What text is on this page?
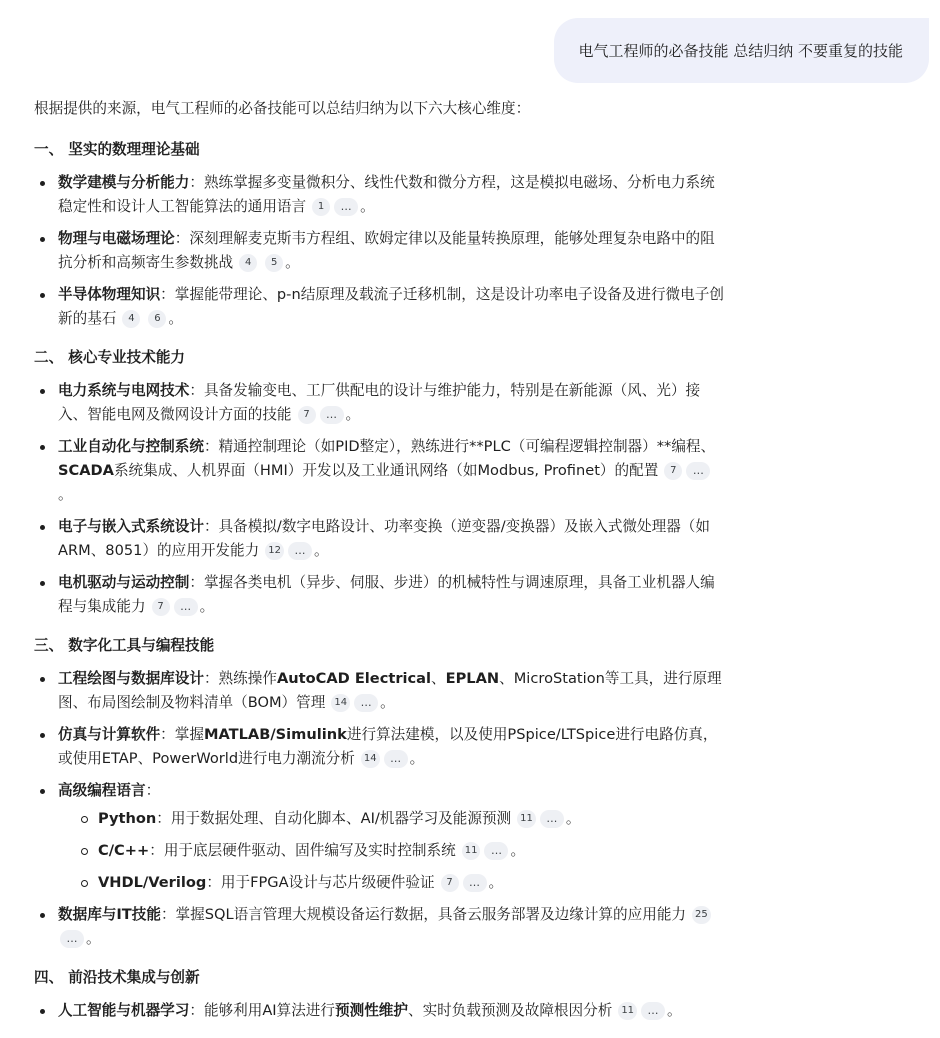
电气工程师的必备技能 总结归纳 不要重复的技能

根据提供的来源，电气工程师的必备技能可以总结归纳为以下六大核心维度：

一、 坚实的数理理论基础
数学建模与分析能力：熟练掌握多变量微积分、线性代数和微分方程，这是模拟电磁场、分析电力系统稳定性和设计人工智能算法的通用语言 1 … 。
物理与电磁场理论：深刻理解麦克斯韦方程组、欧姆定律以及能量转换原理，能够处理复杂电路中的阻抗分析和高频寄生参数挑战 4 5 。
半导体物理知识：掌握能带理论、p-n结原理及载流子迁移机制，这是设计功率电子设备及进行微电子创新的基石 4 6 。
二、 核心专业技术能力
电力系统与电网技术：具备发输变电、工厂供配电的设计与维护能力，特别是在新能源（风、光）接入、智能电网及微网设计方面的技能 7 … 。
工业自动化与控制系统：精通控制理论（如PID整定），熟练进行**PLC（可编程逻辑控制器）**编程、SCADA系统集成、人机界面（HMI）开发以及工业通讯网络（如Modbus, Profinet）的配置 7 …。
电子与嵌入式系统设计：具备模拟/数字电路设计、功率变换（逆变器/变换器）及嵌入式微处理器（如ARM、8051）的应用开发能力 12 … 。
电机驱动与运动控制：掌握各类电机（异步、伺服、步进）的机械特性与调速原理，具备工业机器人编程与集成能力 7 … 。
三、 数字化工具与编程技能
工程绘图与数据库设计：熟练操作AutoCAD Electrical、EPLAN、MicroStation等工具，进行原理图、布局图绘制及物料清单（BOM）管理 14 … 。
仿真与计算软件：掌握MATLAB/Simulink进行算法建模，以及使用PSpice/LTSpice进行电路仿真，或使用ETAP、PowerWorld进行电力潮流分析 14 … 。
高级编程语言：
Python：用于数据处理、自动化脚本、AI/机器学习及能源预测 11 … 。
C/C++：用于底层硬件驱动、固件编写及实时控制系统 11 … 。
VHDL/Verilog：用于FPGA设计与芯片级硬件验证 7 … 。
数据库与IT技能：掌握SQL语言管理大规模设备运行数据，具备云服务部署及边缘计算的应用能力 25… 。
四、 前沿技术集成与创新
人工智能与机器学习：能够利用AI算法进行预测性维护、实时负载预测及故障根因分析 11 … 。
